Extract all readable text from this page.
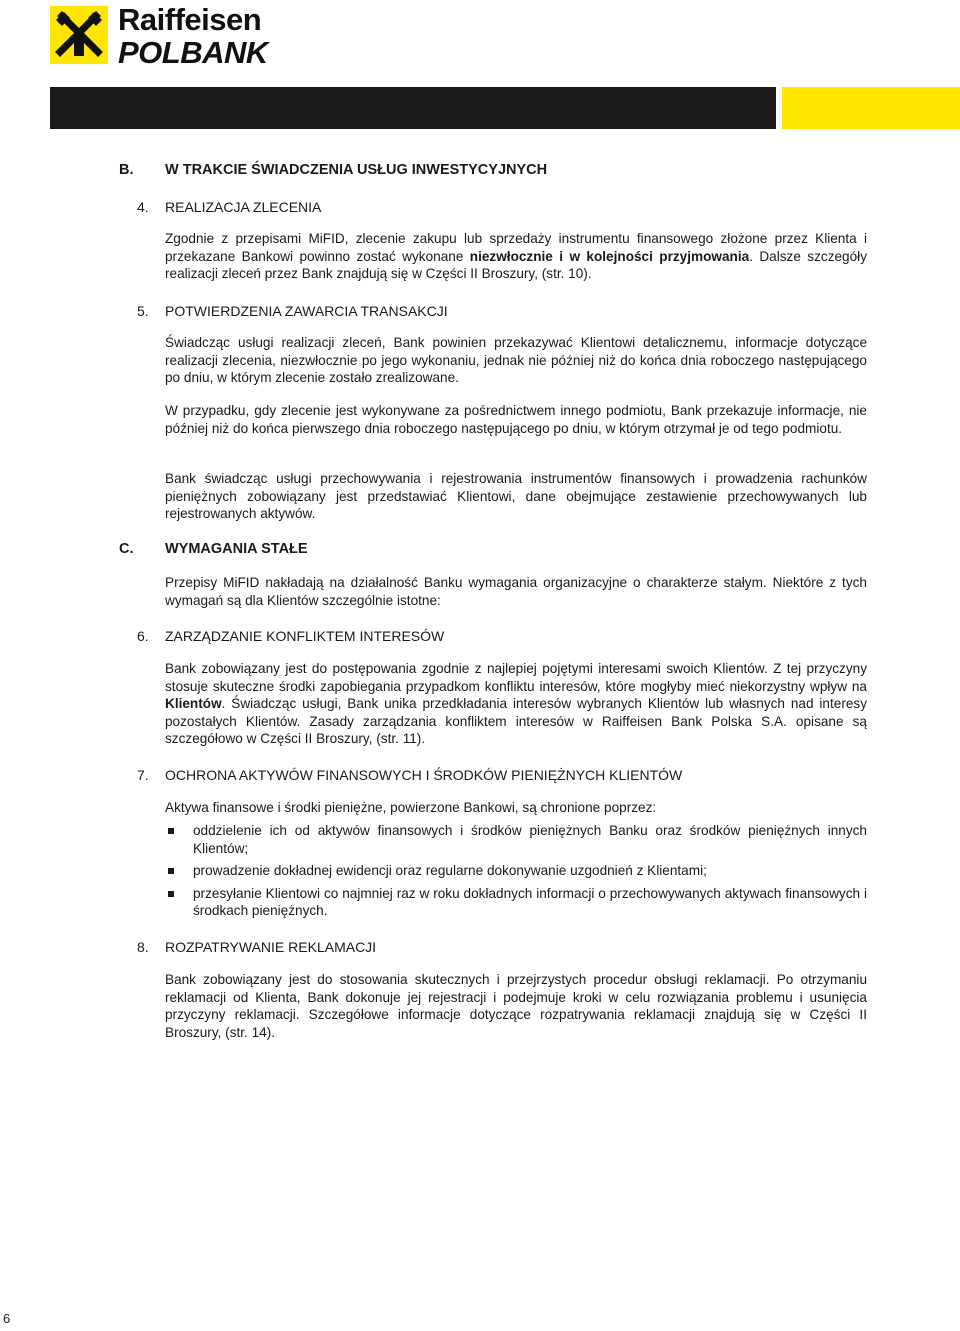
Raiffeisen
POLBANK
B. W TRAKCIE ŚWIADCZENIA USŁUG INWESTYCYJNYCH
4. REALIZACJA ZLECENIA
Zgodnie z przepisami MiFID, zlecenie zakupu lub sprzedaży instrumentu finansowego złożone przez Klienta i przekazane Bankowi powinno zostać wykonane niezwłocznie i w kolejności przyjmowania. Dalsze szczegóły realizacji zleceń przez Bank znajdują się w Części II Broszury, (str. 10).
5. POTWIERDZENIA ZAWARCIA TRANSAKCJI
Świadcząc usługi realizacji zleceń, Bank powinien przekazywać Klientowi detalicznemu, informacje dotyczące realizacji zlecenia, niezwłocznie po jego wykonaniu, jednak nie później niż do końca dnia roboczego następującego po dniu, w którym zlecenie zostało zrealizowane.
W przypadku, gdy zlecenie jest wykonywane za pośrednictwem innego podmiotu, Bank przekazuje informacje, nie później niż do końca pierwszego dnia roboczego następującego po dniu, w którym otrzymał je od tego podmiotu.
Bank świadcząc usługi przechowywania i rejestrowania instrumentów finansowych i prowadzenia rachunków pieniężnych zobowiązany jest przedstawiać Klientowi, dane obejmujące zestawienie przechowywanych lub rejestrowanych aktywów.
C. WYMAGANIA STAŁE
Przepisy MiFID nakładają na działalność Banku wymagania organizacyjne o charakterze stałym. Niektóre z tych wymagań są dla Klientów szczególnie istotne:
6. ZARZĄDZANIE KONFLIKTEM INTERESÓW
Bank zobowiązany jest do postępowania zgodnie z najlepiej pojętymi interesami swoich Klientów. Z tej przyczyny stosuje skuteczne środki zapobiegania przypadkom konfliktu interesów, które mogłyby mieć niekorzystny wpływ na Klientów. Świadcząc usługi, Bank unika przedkładania interesów wybranych Klientów lub własnych nad interesy pozostałych Klientów. Zasady zarządzania konfliktem interesów w Raiffeisen Bank Polska S.A. opisane są szczegółowo w Części II Broszury, (str. 11).
7. OCHRONA AKTYWÓW FINANSOWYCH I ŚRODKÓW PIENIĘŻNYCH KLIENTÓW
Aktywa finansowe i środki pieniężne, powierzone Bankowi, są chronione poprzez:
oddzielenie ich od aktywów finansowych i środków pieniężnych Banku oraz środków pieniężnych innych Klientów;
prowadzenie dokładnej ewidencji oraz regularne dokonywanie uzgodnień z Klientami;
przesyłanie Klientowi co najmniej raz w roku dokładnych informacji o przechowywanych aktywach finansowych i środkach pieniężnych.
8. ROZPATRYWANIE REKLAMACJI
Bank zobowiązany jest do stosowania skutecznych i przejrzystych procedur obsługi reklamacji. Po otrzymaniu reklamacji od Klienta, Bank dokonuje jej rejestracji i podejmuje kroki w celu rozwiązania problemu i usunięcia przyczyny reklamacji. Szczegółowe informacje dotyczące rozpatrywania reklamacji znajdują się w Części II Broszury, (str. 14).
6
